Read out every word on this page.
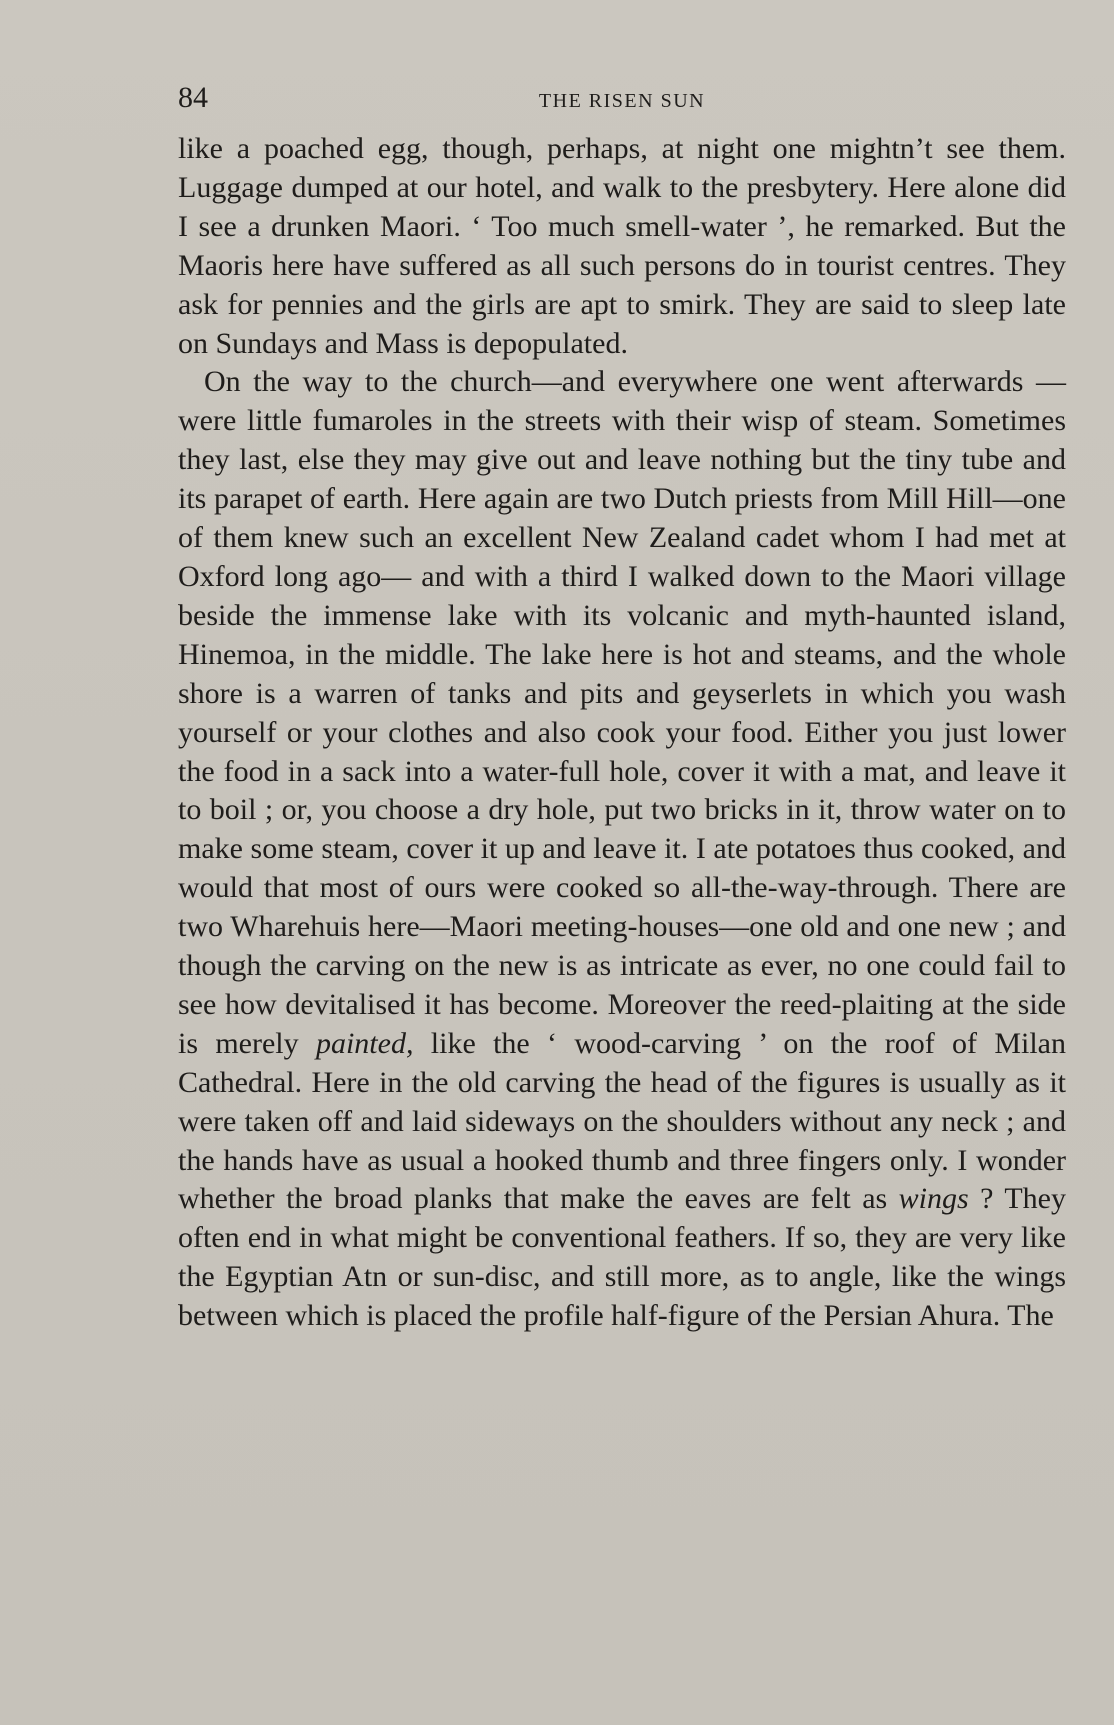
84	THE RISEN SUN

like a poached egg, though, perhaps, at night one mightn’t see them. Luggage dumped at our hotel, and walk to the presbytery. Here alone did I see a drunken Maori. ‘ Too much smell-water ’, he remarked. But the Maoris here have suffered as all such persons do in tourist centres. They ask for pennies and the girls are apt to smirk. They are said to sleep late on Sundays and Mass is depopulated.

On the way to the church—and everywhere one went afterwards —were little fumaroles in the streets with their wisp of steam. Sometimes they last, else they may give out and leave nothing but the tiny tube and its parapet of earth. Here again are two Dutch priests from Mill Hill—one of them knew such an excellent New Zealand cadet whom I had met at Oxford long ago— and with a third I walked down to the Maori village beside the immense lake with its volcanic and myth-haunted island, Hinemoa, in the middle. The lake here is hot and steams, and the whole shore is a warren of tanks and pits and geyserlets in which you wash yourself or your clothes and also cook your food. Either you just lower the food in a sack into a water-full hole, cover it with a mat, and leave it to boil ; or, you choose a dry hole, put two bricks in it, throw water on to make some steam, cover it up and leave it. I ate potatoes thus cooked, and would that most of ours were cooked so all-the-way-through. There are two Wharehuis here—Maori meeting-houses—one old and one new ; and though the carving on the new is as intricate as ever, no one could fail to see how devitalised it has become. Moreover the reed-plaiting at the side is merely painted, like the ‘ wood-carving ’ on the roof of Milan Cathedral. Here in the old carving the head of the figures is usually as it were taken off and laid sideways on the shoulders without any neck ; and the hands have as usual a hooked thumb and three fingers only. I wonder whether the broad planks that make the eaves are felt as wings ? They often end in what might be conventional feathers. If so, they are very like the Egyptian Atn or sun-disc, and still more, as to angle, like the wings between which is placed the profile half-figure of the Persian Ahura. The
